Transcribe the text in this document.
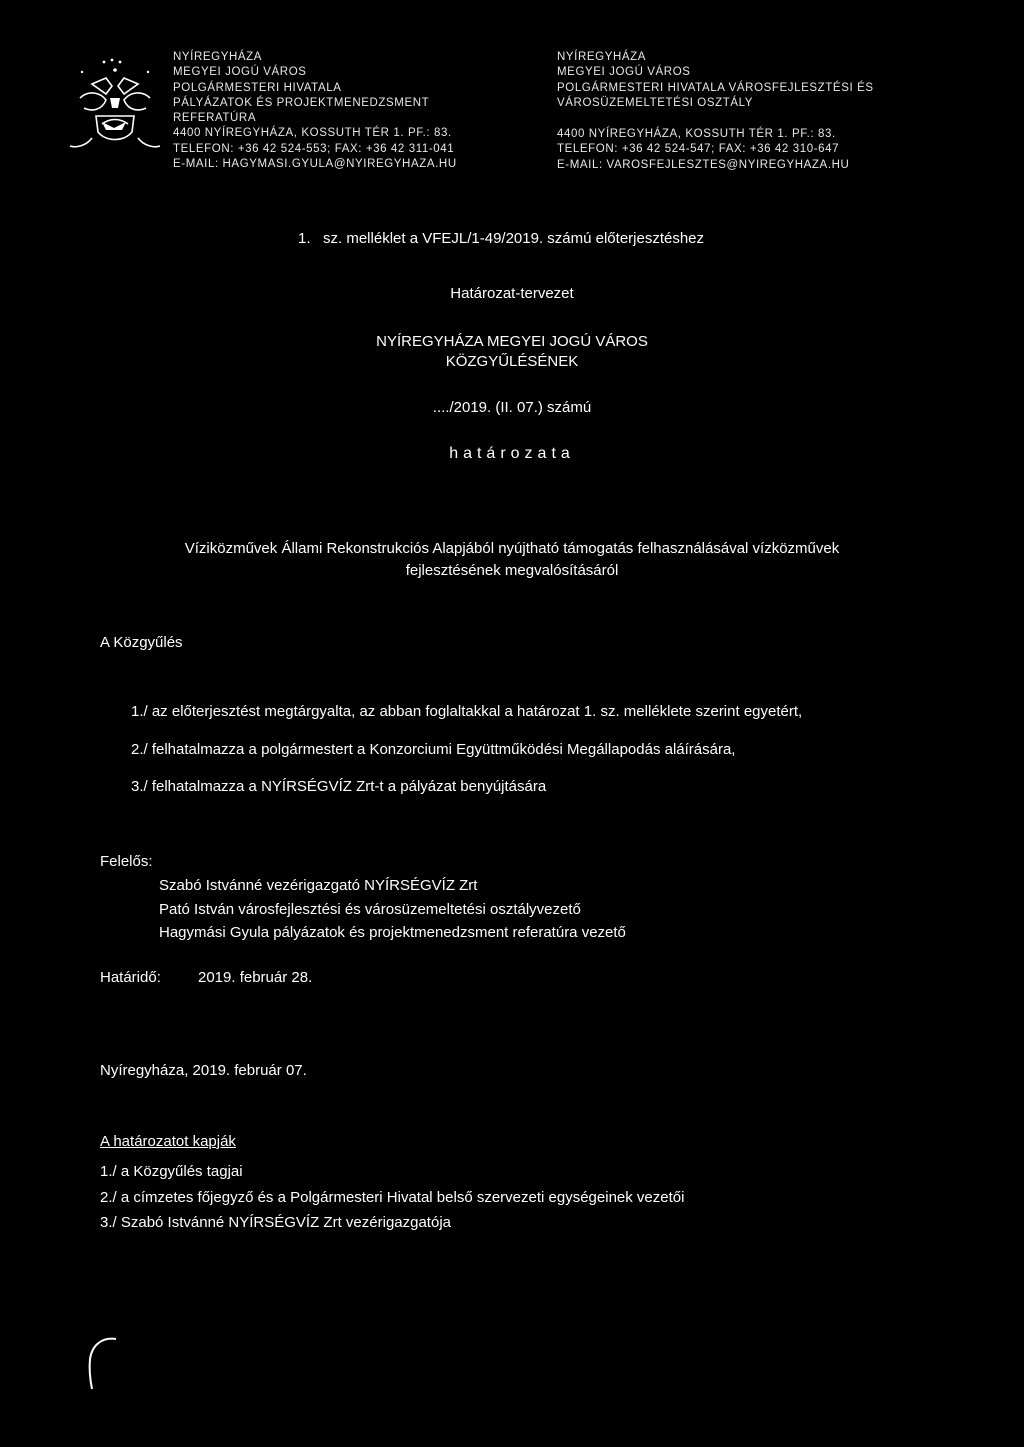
NYÍREGYHÁZA
MEGYEI JOGÚ VÁROS
POLGÁRMESTERI HIVATALA
PÁLYÁZATOK ÉS PROJEKTMENEDZSMENT
REFERATÚRA
4400 NYÍREGYHÁZA, KOSSUTH TÉR 1. PF.: 83.
TELEFON: +36 42 524-553; FAX: +36 42 311-041
E-MAIL: HAGYMASI.GYULA@NYIREGYHAZA.HU
NYÍREGYHÁZA
MEGYEI JOGÚ VÁROS
POLGÁRMESTERI HIVATALA VÁROSFEJLESZTÉSI ÉS
VÁROSÜZEMELTETÉSI OSZTÁLY
4400 NYÍREGYHÁZA, KOSSUTH TÉR 1. PF.: 83.
TELEFON: +36 42 524-547; FAX: +36 42 310-647
E-MAIL: VAROSFEJLESZTES@NYIREGYHAZA.HU
1.   sz. melléklet a VFEJL/1-49/2019. számú előterjesztéshez
Határozat-tervezet
NYÍREGYHÁZA MEGYEI JOGÚ VÁROS
KÖZGYŰLÉSÉNEK
..../2019. (II. 07.) számú
határozata
Víziközművek Állami Rekonstrukciós Alapjából nyújtható támogatás felhasználásával vízközművek
fejlesztésének megvalósításáról
A Közgyűlés
1./ az előterjesztést megtárgyalta, az abban foglaltakkal a határozat 1. sz. melléklete szerint egyetért,
2./ felhatalmazza a polgármestert a Konzorciumi Együttműködési Megállapodás aláírására,
3./ felhatalmazza a NYÍRSÉGVÍZ Zrt-t a pályázat benyújtására
Felelős:
Szabó Istvánné vezérigazgató NYÍRSÉGVÍZ Zrt
Pató István városfejlesztési és városüzemeltetési osztályvezető
Hagymási Gyula pályázatok és projektmenedzsment referatúra vezető
Határidő: 2019. február 28.
Nyíregyháza, 2019. február 07.
A határozatot kapják
1./ a Közgyűlés tagjai
2./ a címzetes főjegyző és a Polgármesteri Hivatal belső szervezeti egységeinek vezetői
3./ Szabó Istvánné NYÍRSÉGVÍZ Zrt vezérigazgatója
